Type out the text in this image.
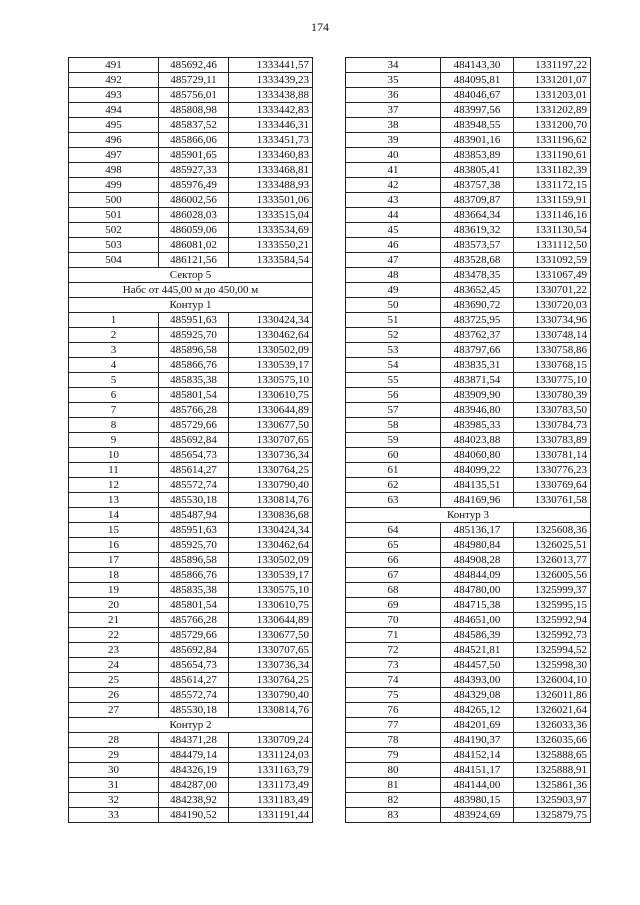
174
491	485692,46	1333441,57
492	485729,11	1333439,23
493	485756,01	1333438,88
494	485808,98	1333442,83
495	485837,52	1333446,31
496	485866,06	1333451,73
497	485901,65	1333460,83
498	485927,33	1333468,81
499	485976,49	1333488,93
500	486002,56	1333501,06
501	486028,03	1333515,04
502	486059,06	1333534,69
503	486081,02	1333550,21
504	486121,56	1333584,54
Сектор 5		
Набс от 445,00 м до 450,00 м		
Контур 1		
1	485951,63	1330424,34
2	485925,70	1330462,64
3	485896,58	1330502,09
4	485866,76	1330539,17
5	485835,38	1330575,10
6	485801,54	1330610,75
7	485766,28	1330644,89
8	485729,66	1330677,50
9	485692,84	1330707,65
10	485654,73	1330736,34
11	485614,27	1330764,25
12	485572,74	1330790,40
13	485530,18	1330814,76
14	485487,94	1330836,68
15	485951,63	1330424,34
16	485925,70	1330462,64
17	485896,58	1330502,09
18	485866,76	1330539,17
19	485835,38	1330575,10
20	485801,54	1330610,75
21	485766,28	1330644,89
22	485729,66	1330677,50
23	485692,84	1330707,65
24	485654,73	1330736,34
25	485614,27	1330764,25
26	485572,74	1330790,40
27	485530,18	1330814,76
Контур 2		
28	484371,28	1330709,24
29	484479,14	1331124,03
30	484326,19	1331163,79
31	484287,00	1331173,49
32	484238,92	1331183,49
33	484190,52	1331191,44
34	484143,30	1331197,22
35	484095,81	1331201,07
36	484046,67	1331203,01
37	483997,56	1331202,89
38	483948,55	1331200,70
39	483901,16	1331196,62
40	483853,89	1331190,61
41	483805,41	1331182,39
42	483757,38	1331172,15
43	483709,87	1331159,91
44	483664,34	1331146,16
45	483619,32	1331130,54
46	483573,57	1331112,50
47	483528,68	1331092,59
48	483478,35	1331067,49
49	483652,45	1330701,22
50	483690,72	1330720,03
51	483725,95	1330734,96
52	483762,37	1330748,14
53	483797,66	1330758,86
54	483835,31	1330768,15
55	483871,54	1330775,10
56	483909,90	1330780,39
57	483946,80	1330783,50
58	483985,33	1330784,73
59	484023,88	1330783,89
60	484060,80	1330781,14
61	484099,22	1330776,23
62	484135,51	1330769,64
63	484169,96	1330761,58
Контур 3		
64	485136,17	1325608,36
65	484980,84	1326025,51
66	484908,28	1326013,77
67	484844,09	1326005,56
68	484780,00	1325999,37
69	484715,38	1325995,15
70	484651,00	1325992,94
71	484586,39	1325992,73
72	484521,81	1325994,52
73	484457,50	1325998,30
74	484393,00	1326004,10
75	484329,08	1326011,86
76	484265,12	1326021,64
77	484201,69	1326033,36
78	484190,37	1326035,66
79	484152,14	1325888,65
80	484151,17	1325888,91
81	484144,00	1325861,36
82	483980,15	1325903,97
83	483924,69	1325879,75
